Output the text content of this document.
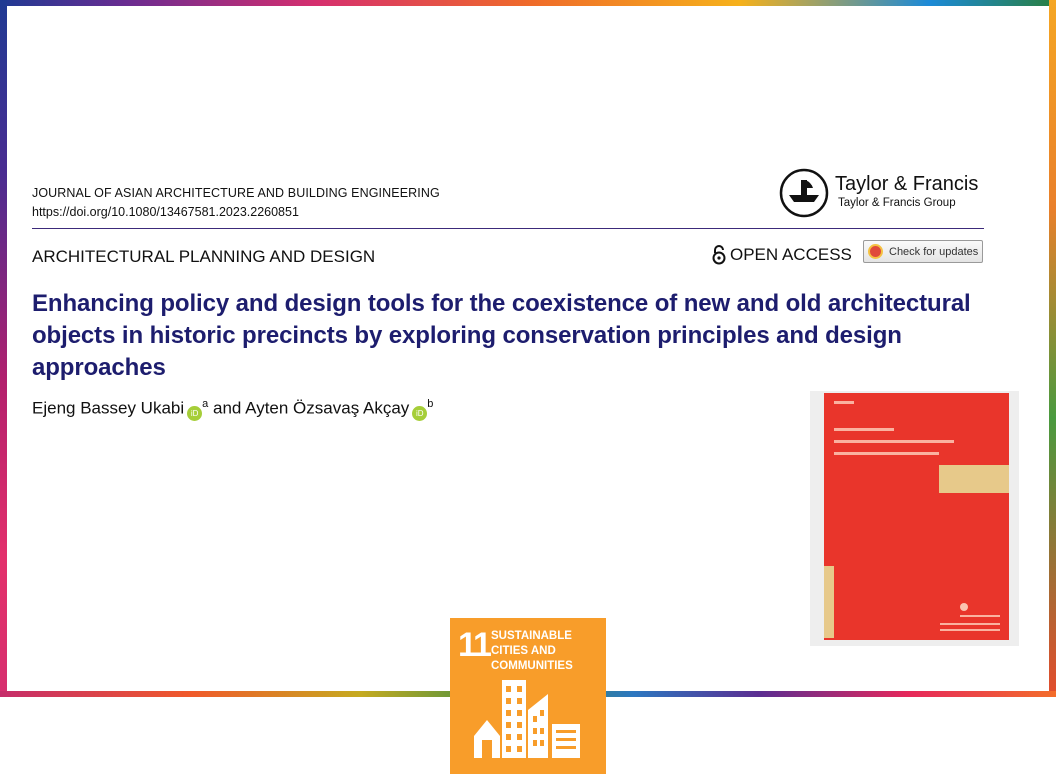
JOURNAL OF ASIAN ARCHITECTURE AND BUILDING ENGINEERING
https://doi.org/10.1080/13467581.2023.2260851
Taylor & Francis
Taylor & Francis Group
ARCHITECTURAL PLANNING AND DESIGN	OPEN ACCESS	Check for updates
Enhancing policy and design tools for the coexistence of new and old architectural objects in historic precincts by exploring conservation principles and design approaches
Ejeng Bassey Ukabi $iD^a$ and Ayten Özsavaş Akçay $iD^b$
11 SUSTAINABLE CITIES AND COMMUNITIES
